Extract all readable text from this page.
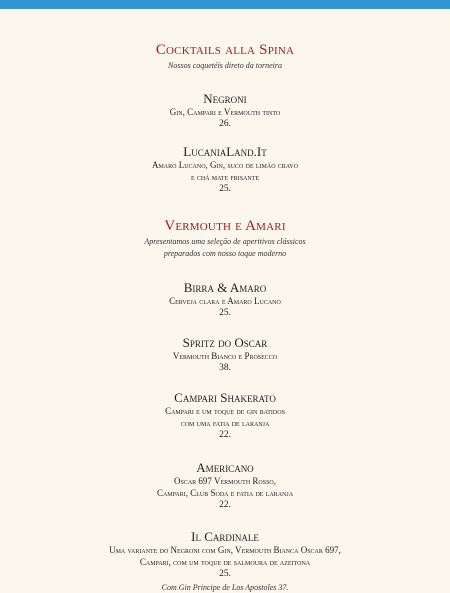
Cocktails alla Spina

Nossos coquetéis direto da torneira

Negroni

Gin, Campari e Vermouth tinto

26.

LucaniaLand.It

Amaro Lucano, Gin, suco de limão cravo

e chá mate frisante

25.

Vermouth e Amari

Apresentamos uma seleção de aperitivos clássicos

preparados com nosso toque moderno

Birra & Amaro

Cerveja clara e Amaro Lucano

25.

Spritz do Oscar

Vermouth Bianco e Prosecco

38.

Campari Shakerato

Campari e um toque de gin batidos

com uma fatia de laranja

22.

Americano

Oscar 697 Vermouth Rosso,

Campari, Club Soda e fatia de laranja

22.

Il Cardinale

Uma variante do Negroni com Gin, Vermouth Bianca Oscar 697,

Campari, com um toque de salmoura de azeitona

25.

Com Gin Principe de Los Apostoles 37.
